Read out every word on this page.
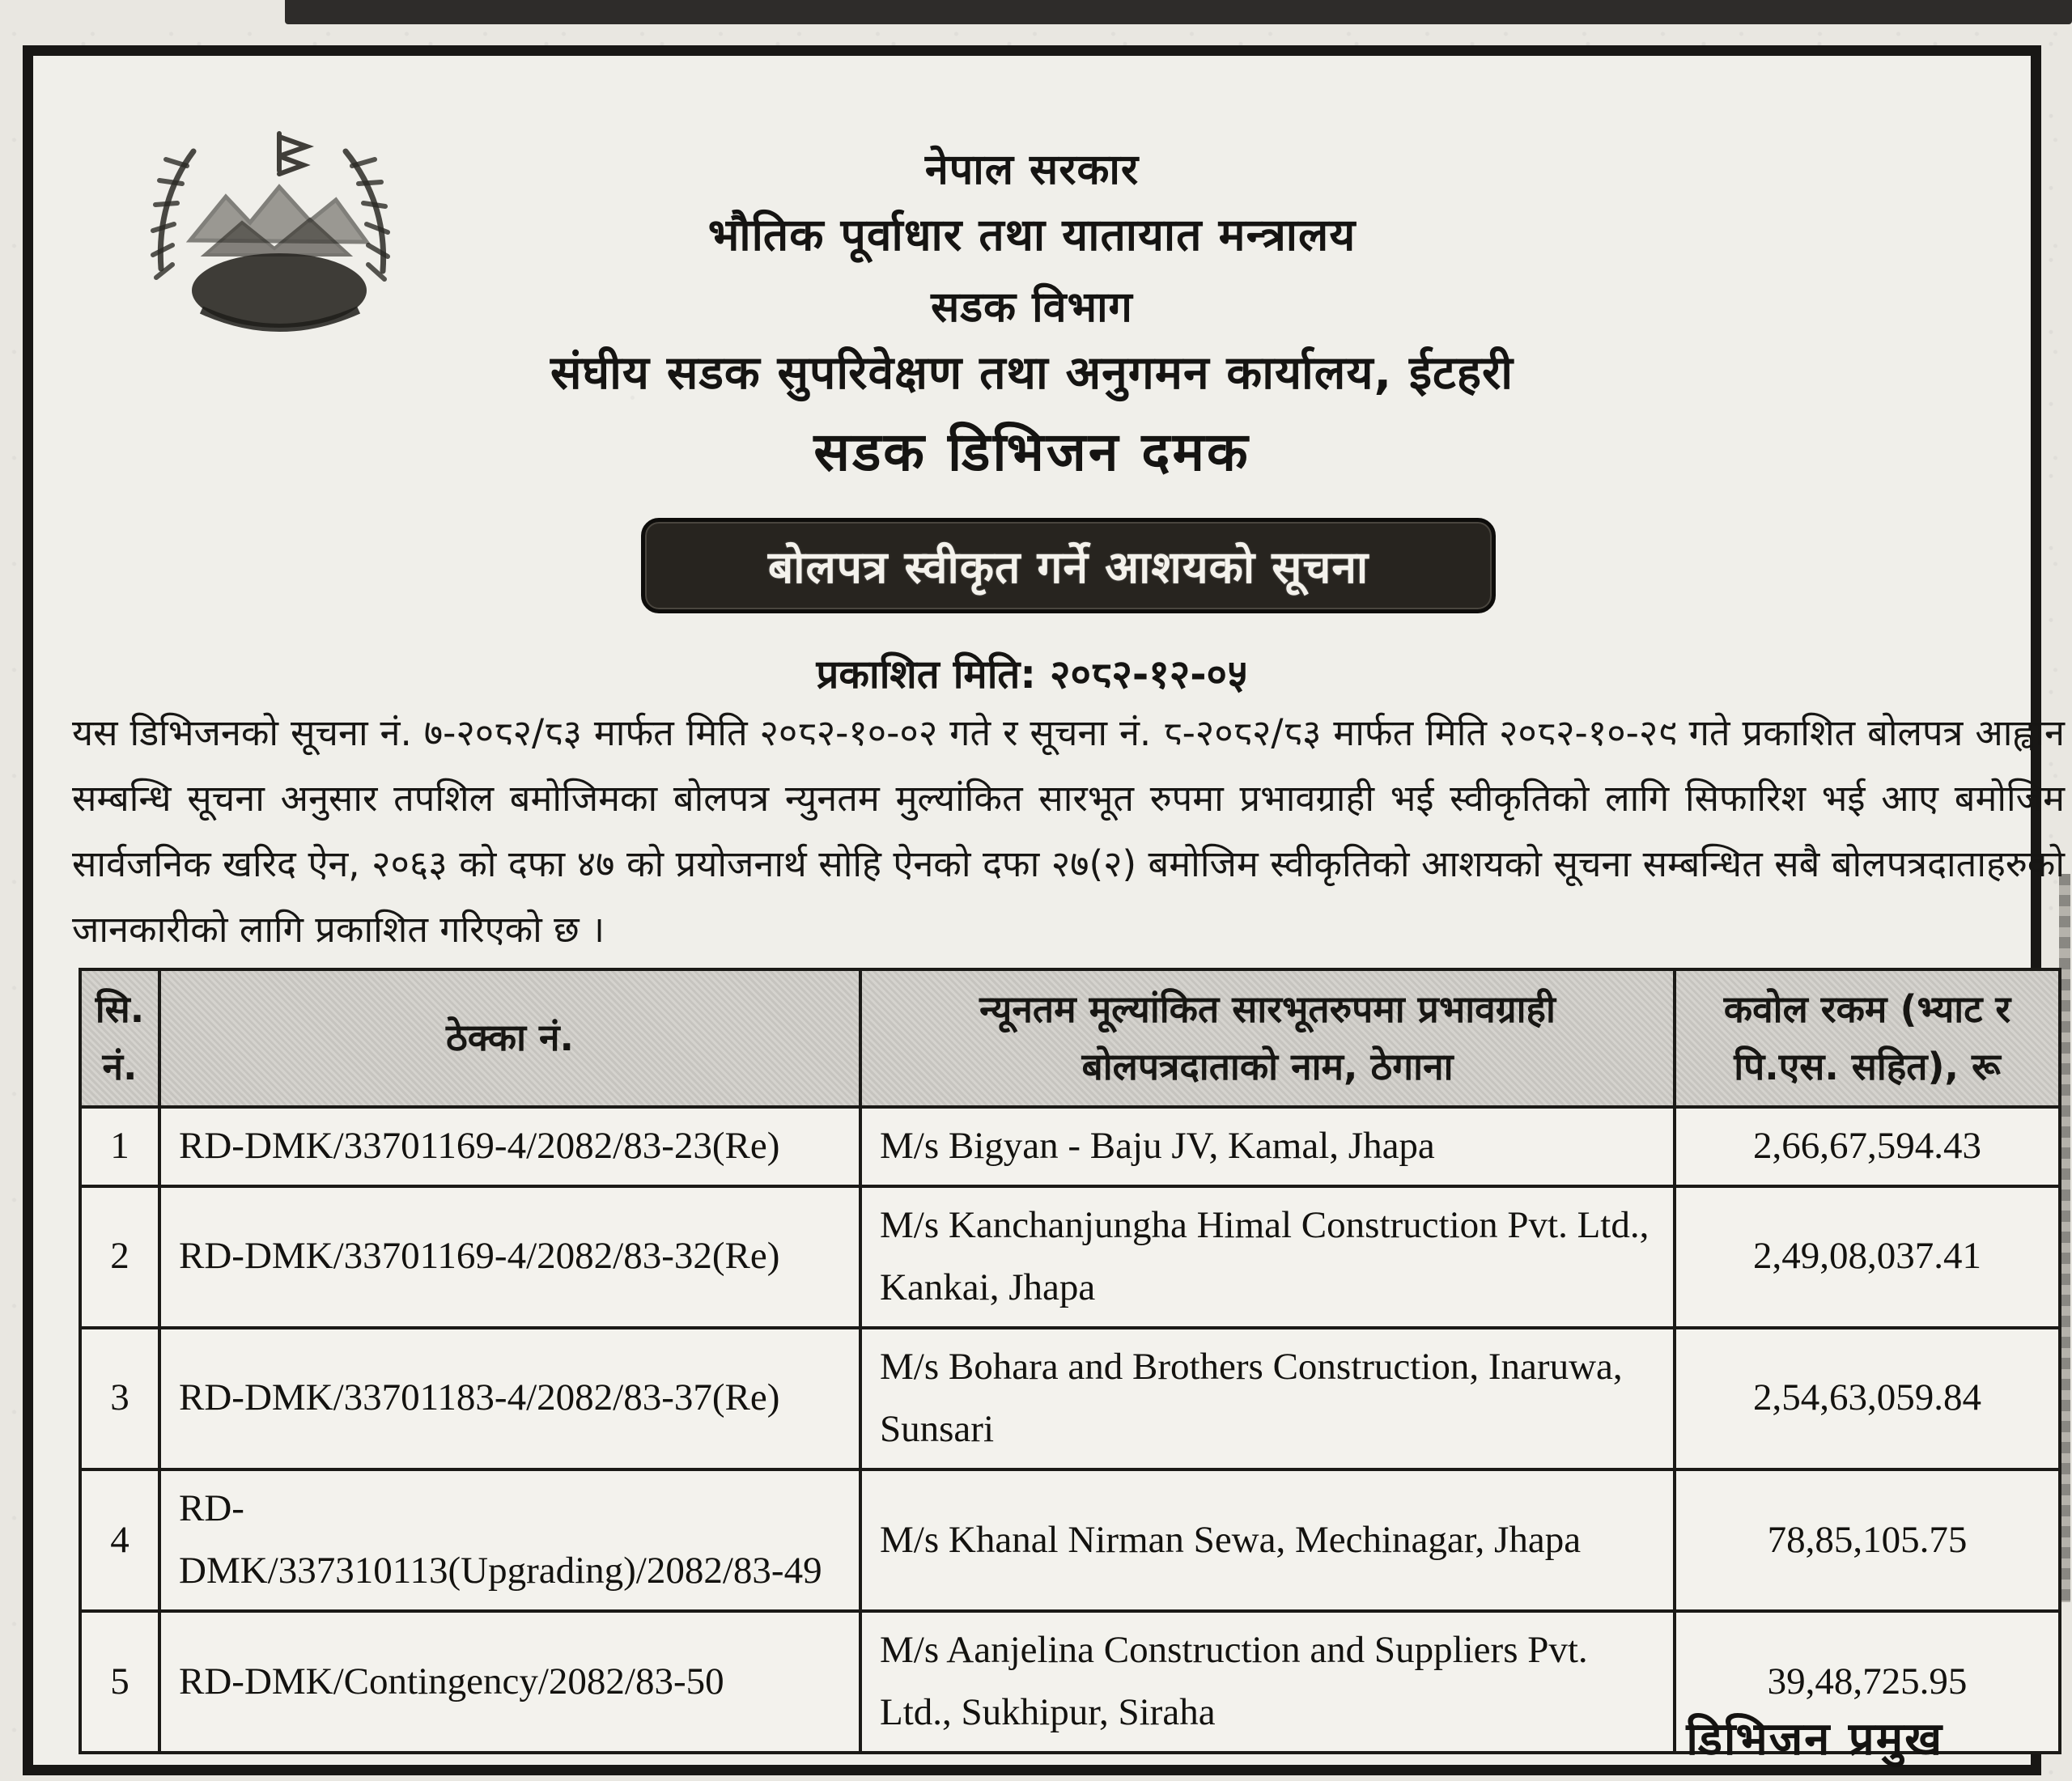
नेपाल सरकार
भौतिक पूर्वाधार तथा यातायात मन्त्रालय
सडक विभाग
संघीय सडक सुपरिवेक्षण तथा अनुगमन कार्यालय, ईटहरी
सडक डिभिजन दमक
बोलपत्र स्वीकृत गर्ने आशयको सूचना
प्रकाशित मिति: २०८२-१२-०५
यस डिभिजनको सूचना नं. ७-२०८२/८३ मार्फत मिति २०८२-१०-०२ गते र सूचना नं. ८-२०८२/८३ मार्फत मिति २०८२-१०-२९ गते प्रकाशित बोलपत्र आह्वान सम्बन्धि सूचना अनुसार तपशिल बमोजिमका बोलपत्र न्युनतम मुल्यांकित सारभूत रुपमा प्रभावग्राही भई स्वीकृतिको लागि सिफारिश भई आए बमोजिम सार्वजनिक खरिद ऐन, २०६३ को दफा ४७ को प्रयोजनार्थ सोहि ऐनको दफा २७(२) बमोजिम स्वीकृतिको आशयको सूचना सम्बन्धित सबै बोलपत्रदाताहरुको जानकारीको लागि प्रकाशित गरिएको छ ।
सि. नं.	ठेक्का नं.	न्यूनतम मूल्यांकित सारभूतरुपमा प्रभावग्राही बोलपत्रदाताको नाम, ठेगाना	कवोल रकम (भ्याट र पि.एस. सहित), रू
1	RD-DMK/33701169-4/2082/83-23(Re)	M/s Bigyan - Baju JV, Kamal, Jhapa	2,66,67,594.43
2	RD-DMK/33701169-4/2082/83-32(Re)	M/s Kanchanjungha Himal Construction Pvt. Ltd., Kankai, Jhapa	2,49,08,037.41
3	RD-DMK/33701183-4/2082/83-37(Re)	M/s Bohara and Brothers Construction, Inaruwa, Sunsari	2,54,63,059.84
4	RD-DMK/337310113(Upgrading)/2082/83-49	M/s Khanal Nirman Sewa, Mechinagar, Jhapa	78,85,105.75
5	RD-DMK/Contingency/2082/83-50	M/s Aanjelina Construction and Suppliers Pvt. Ltd., Sukhipur, Siraha	39,48,725.95
डिभिजन प्रमुख
